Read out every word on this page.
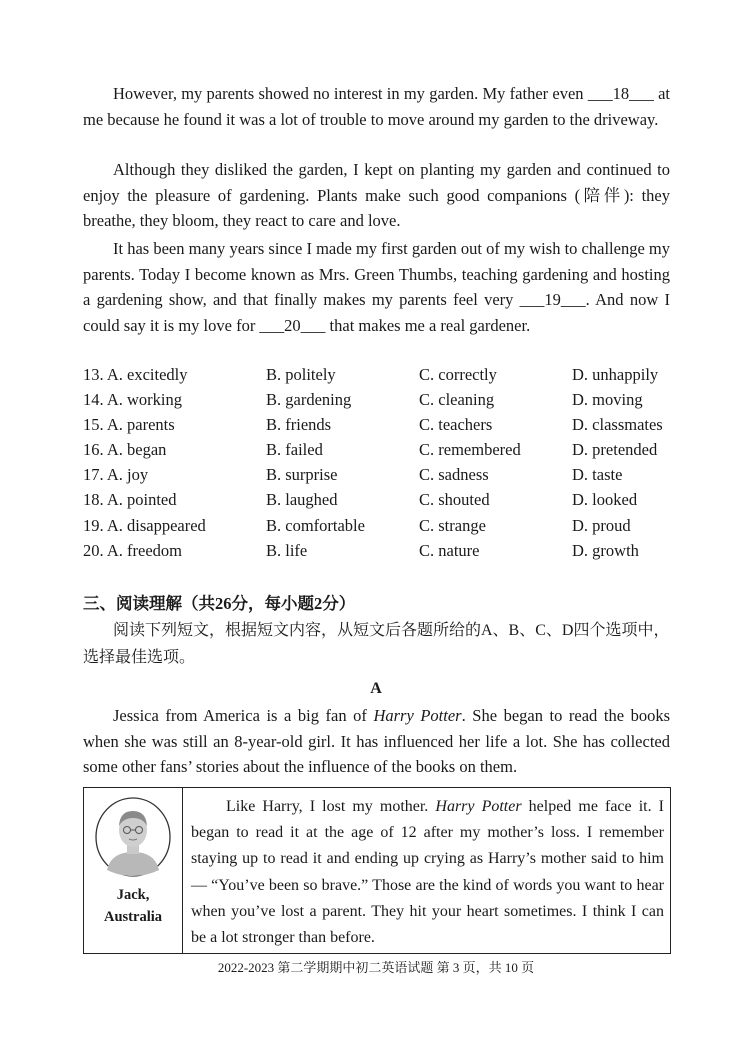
However, my parents showed no interest in my garden. My father even ___18___ at me because he found it was a lot of trouble to move around my garden to the driveway.

Although they disliked the garden, I kept on planting my garden and continued to enjoy the pleasure of gardening. Plants make such good companions (陪伴): they breathe, they bloom, they react to care and love.

It has been many years since I made my first garden out of my wish to challenge my parents. Today I become known as Mrs. Green Thumbs, teaching gardening and hosting a gardening show, and that finally makes my parents feel very ___19___. And now I could say it is my love for ___20___ that makes me a real gardener.

13. A. excitedly	B. politely	C. correctly	D. unhappily
14. A. working	B. gardening	C. cleaning	D. moving
15. A. parents	B. friends	C. teachers	D. classmates
16. A. began	B. failed	C. remembered	D. pretended
17. A. joy	B. surprise	C. sadness	D. taste
18. A. pointed	B. laughed	C. shouted	D. looked
19. A. disappeared	B. comfortable	C. strange	D. proud
20. A. freedom	B. life	C. nature	D. growth
三、阅读理解（共26分，每小题2分）

阅读下列短文，根据短文内容，从短文后各题所给的A、B、C、D四个选项中，选择最佳选项。

A

Jessica from America is a big fan of Harry Potter. She began to read the books when she was still an 8-year-old girl. It has influenced her life a lot. She has collected some other fans’ stories about the influence of the books on them.

Jack,
Australia
	Like Harry, I lost my mother. Harry Potter helped me face it. I began to read it at the age of 12 after my mother’s loss. I remember staying up to read it and ending up crying as Harry’s mother said to him — “You’ve been so brave.” Those are the kind of words you want to hear when you’ve lost a parent. They hit your heart sometimes. I think I can be a lot stronger than before.
2022-2023 第二学期期中初二英语试题 第 3 页，共 10 页
